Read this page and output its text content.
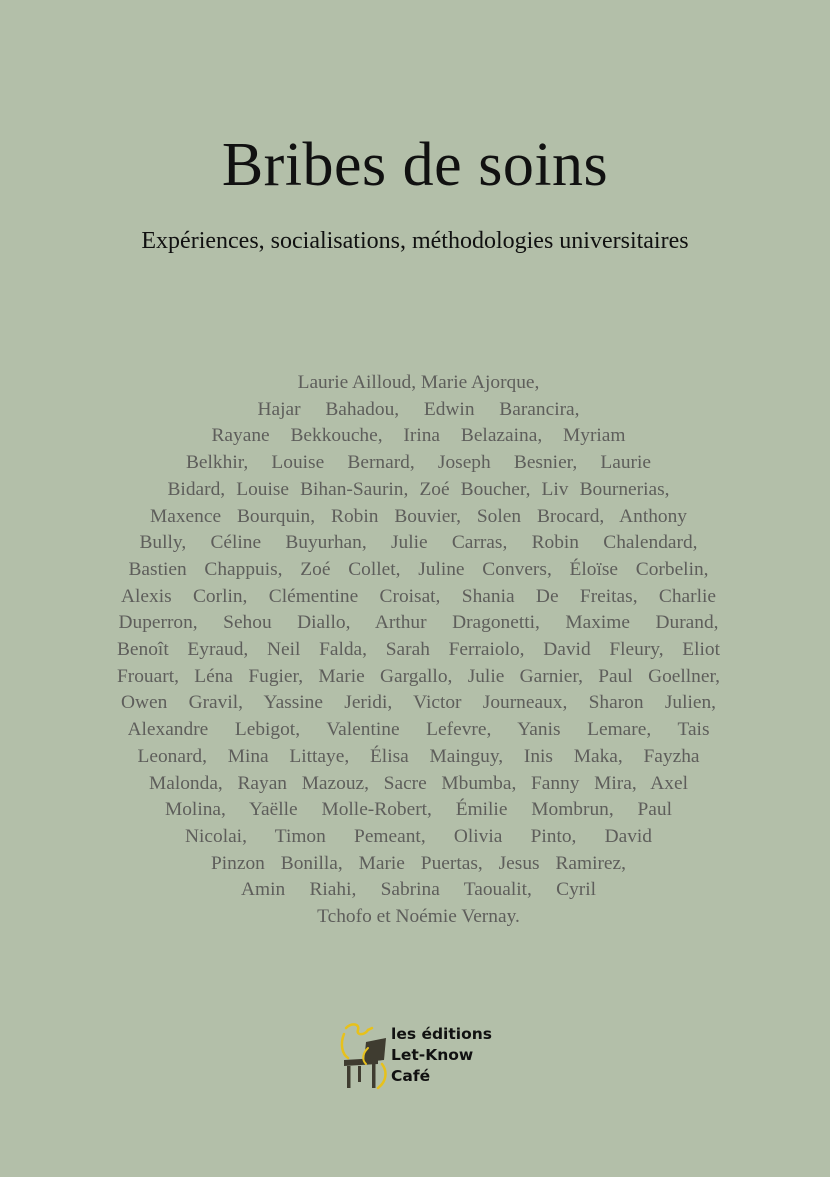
Bribes de soins

Expériences, socialisations, méthodologies universitaires

Laurie Ailloud, Marie Ajorque,
Hajar Bahadou, Edwin Barancira,
Rayane Bekkouche, Irina Belazaina, Myriam
Belkhir, Louise Bernard, Joseph Besnier, Laurie
Bidard, Louise Bihan-Saurin, Zoé Boucher, Liv Bournerias,
Maxence Bourquin, Robin Bouvier, Solen Brocard, Anthony
Bully, Céline Buyurhan, Julie Carras, Robin Chalendard,
Bastien Chappuis, Zoé Collet, Juline Convers, Éloïse Corbelin,
Alexis Corlin, Clémentine Croisat, Shania De Freitas, Charlie
Duperron, Sehou Diallo, Arthur Dragonetti, Maxime Durand,
Benoît Eyraud, Neil Falda, Sarah Ferraiolo, David Fleury, Eliot
Frouart, Léna Fugier, Marie Gargallo, Julie Garnier, Paul Goellner,
Owen Gravil, Yassine Jeridi, Victor Journeaux, Sharon Julien,
Alexandre Lebigot, Valentine Lefevre, Yanis Lemare, Tais
Leonard, Mina Littaye, Élisa Mainguy, Inis Maka, Fayzha
Malonda, Rayan Mazouz, Sacre Mbumba, Fanny Mira, Axel
Molina, Yaëlle Molle-Robert, Émilie Mombrun, Paul
Nicolai, Timon Pemeant, Olivia Pinto, David
Pinzon Bonilla, Marie Puertas, Jesus Ramirez,
Amin Riahi, Sabrina Taoualit, Cyril
Tchofo et Noémie Vernay.
les éditions
Let-Know
Café
